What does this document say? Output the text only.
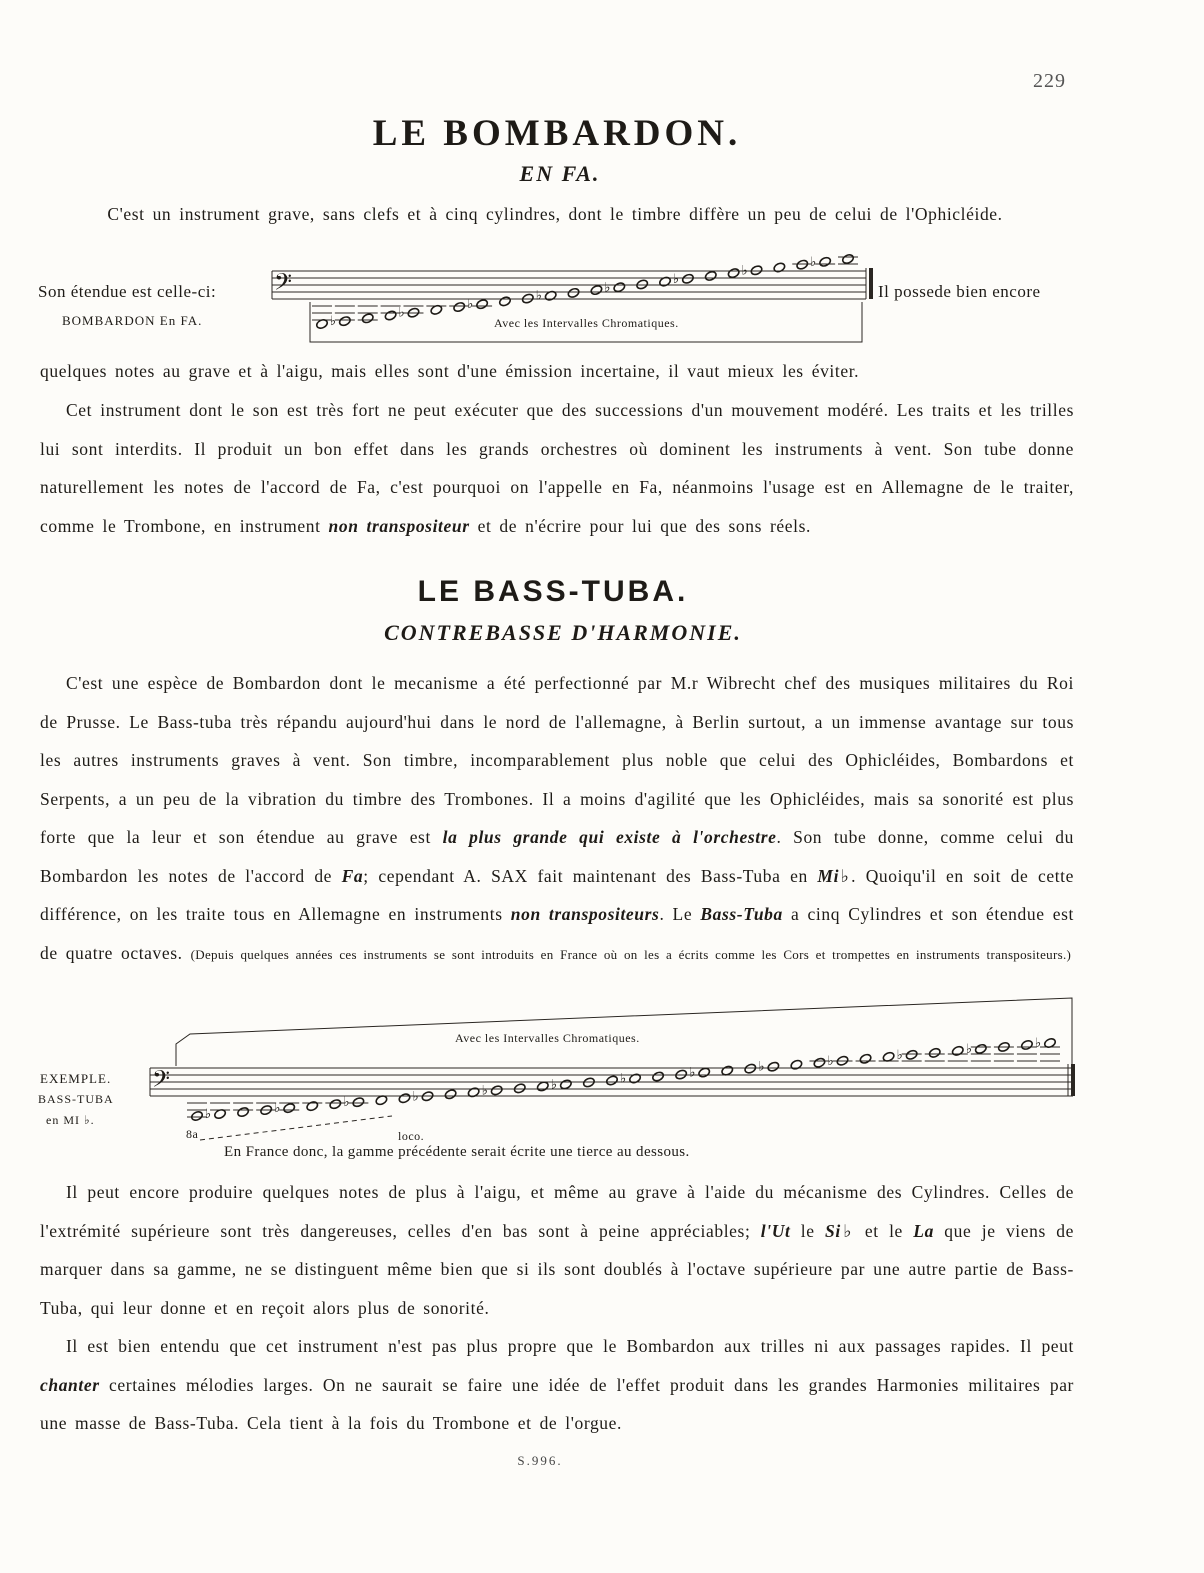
229
LE BOMBARDON.
EN FA.
C'est un instrument grave, sans clefs et à cinq cylindres, dont le timbre diffère un peu de celui de l'Ophicléide.
Son étendue est celle-ci:
BOMBARDON En FA.
Il possede bien encore
Avec les Intervalles Chromatiques.
𝄢
♭
♭
♭
♭
♭
♭
♭
♭
quelques notes au grave et à l'aigu, mais elles sont d'une émission incertaine, il vaut mieux les éviter.
Cet instrument dont le son est très fort ne peut exécuter que des successions d'un mouvement modéré. Les traits et les trilles lui sont interdits. Il produit un bon effet dans les grands orchestres où dominent les instruments à vent. Son tube donne naturellement les notes de l'accord de Fa, c'est pourquoi on l'appelle en Fa, néanmoins l'usage est en Allemagne de le traiter, comme le Trombone, en instrument non transpositeur et de n'écrire pour lui que des sons réels.
LE BASS-TUBA.
CONTREBASSE D'HARMONIE.
C'est une espèce de Bombardon dont le mecanisme a été perfectionné par M.r Wibrecht chef des musiques militaires du Roi de Prusse. Le Bass-tuba très répandu aujourd'hui dans le nord de l'allemagne, à Berlin surtout, a un immense avantage sur tous les autres instruments graves à vent. Son timbre, incomparablement plus noble que celui des Ophicléides, Bombardons et Serpents, a un peu de la vibration du timbre des Trombones. Il a moins d'agilité que les Ophicléides, mais sa sonorité est plus forte que la leur et son étendue au grave est la plus grande qui existe à l'orchestre. Son tube donne, comme celui du Bombardon les notes de l'accord de Fa; cependant A. SAX fait maintenant des Bass-Tuba en Mi♭. Quoiqu'il en soit de cette différence, on les traite tous en Allemagne en instruments non transpositeurs. Le Bass-Tuba a cinq Cylindres et son étendue est de quatre octaves. (Depuis quelques années ces instruments se sont introduits en France où on les a écrits comme les Cors et trompettes en instruments transpositeurs.)
Avec les Intervalles Chromatiques.
EXEMPLE.
BASS-TUBA
en MI ♭.
8a	loco.
𝄢
♭	♭	♭	♭	♭	♭	♭	♭	♭	♭	♭	♭	♭
En France donc, la gamme précédente serait écrite une tierce au dessous.
Il peut encore produire quelques notes de plus à l'aigu, et même au grave à l'aide du mécanisme des Cylindres. Celles de l'extrémité supérieure sont très dangereuses, celles d'en bas sont à peine appréciables; l'Ut le Si♭ et le La que je viens de marquer dans sa gamme, ne se distinguent même bien que si ils sont doublés à l'octave supérieure par une autre partie de Bass-Tuba, qui leur donne et en reçoit alors plus de sonorité.
Il est bien entendu que cet instrument n'est pas plus propre que le Bombardon aux trilles ni aux passages rapides. Il peut chanter certaines mélodies larges. On ne saurait se faire une idée de l'effet produit dans les grandes Harmonies militaires par une masse de Bass-Tuba. Cela tient à la fois du Trombone et de l'orgue.
S.996.
